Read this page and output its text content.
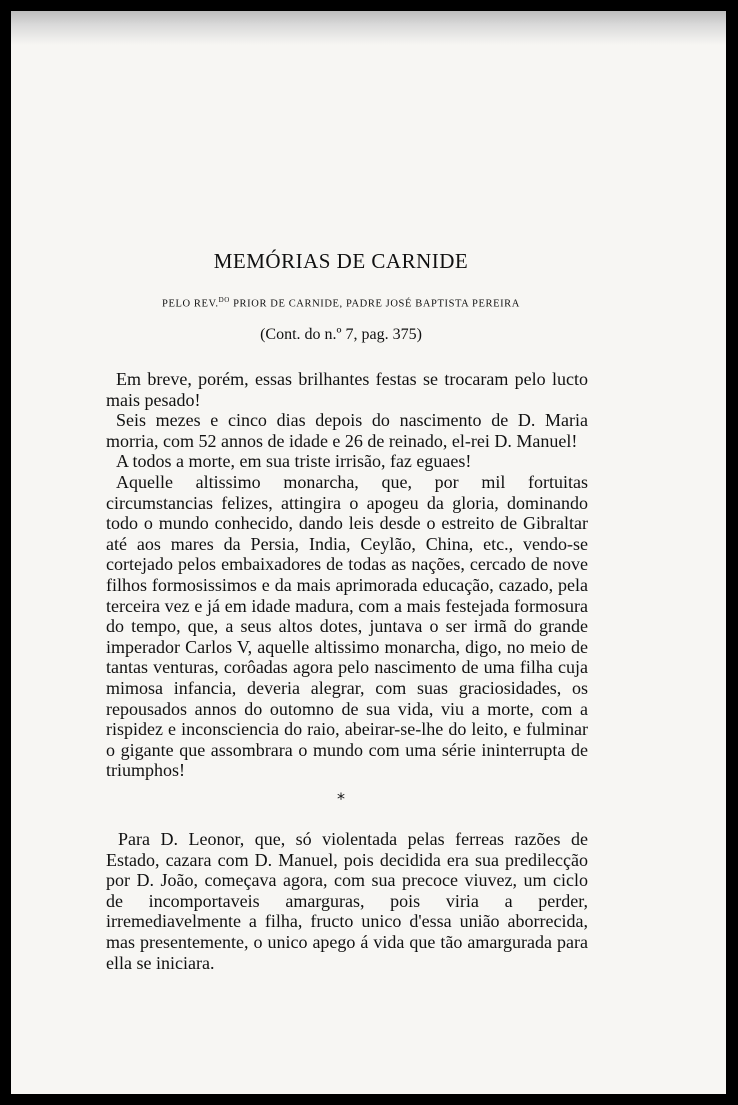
MEMÓRIAS DE CARNIDE
PELO REV.$^{DO}$ PRIOR DE CARNIDE, PADRE JOSÉ BAPTISTA PEREIRA
(Cont. do n.º 7, pag. 375)

Em breve, porém, essas brilhantes festas se trocaram pelo lucto mais pesado!

Seis mezes e cinco dias depois do nascimento de D. Maria morria, com 52 annos de idade e 26 de reinado, el-rei D. Manuel!

A todos a morte, em sua triste irrisão, faz eguaes!

Aquelle altissimo monarcha, que, por mil fortuitas circumstancias felizes, attingira o apogeu da gloria, dominando todo o mundo conhecido, dando leis desde o estreito de Gibraltar até aos mares da Persia, India, Ceylão, China, etc., vendo-se cortejado pelos embaixadores de todas as nações, cercado de nove filhos formosissimos e da mais aprimorada educação, cazado, pela terceira vez e já em idade madura, com a mais festejada formosura do tempo, que, a seus altos dotes, juntava o ser irmã do grande imperador Carlos V, aquelle altissimo monarcha, digo, no meio de tantas venturas, corôadas agora pelo nascimento de uma filha cuja mimosa infancia, deveria alegrar, com suas graciosidades, os repousados annos do outomno de sua vida, viu a morte, com a rispidez e inconsciencia do raio, abeirar-se-lhe do leito, e fulminar o gigante que assombrara o mundo com uma série ininterrupta de triumphos!

*

Para D. Leonor, que, só violentada pelas ferreas razões de Estado, cazara com D. Manuel, pois decidida era sua predilecção por D. João, começava agora, com sua precoce viuvez, um ciclo de incomportaveis amarguras, pois viria a perder, irremediavelmente a filha, fructo unico d'essa união aborrecida, mas presentemente, o unico apego á vida que tão amargurada para ella se iniciara.
